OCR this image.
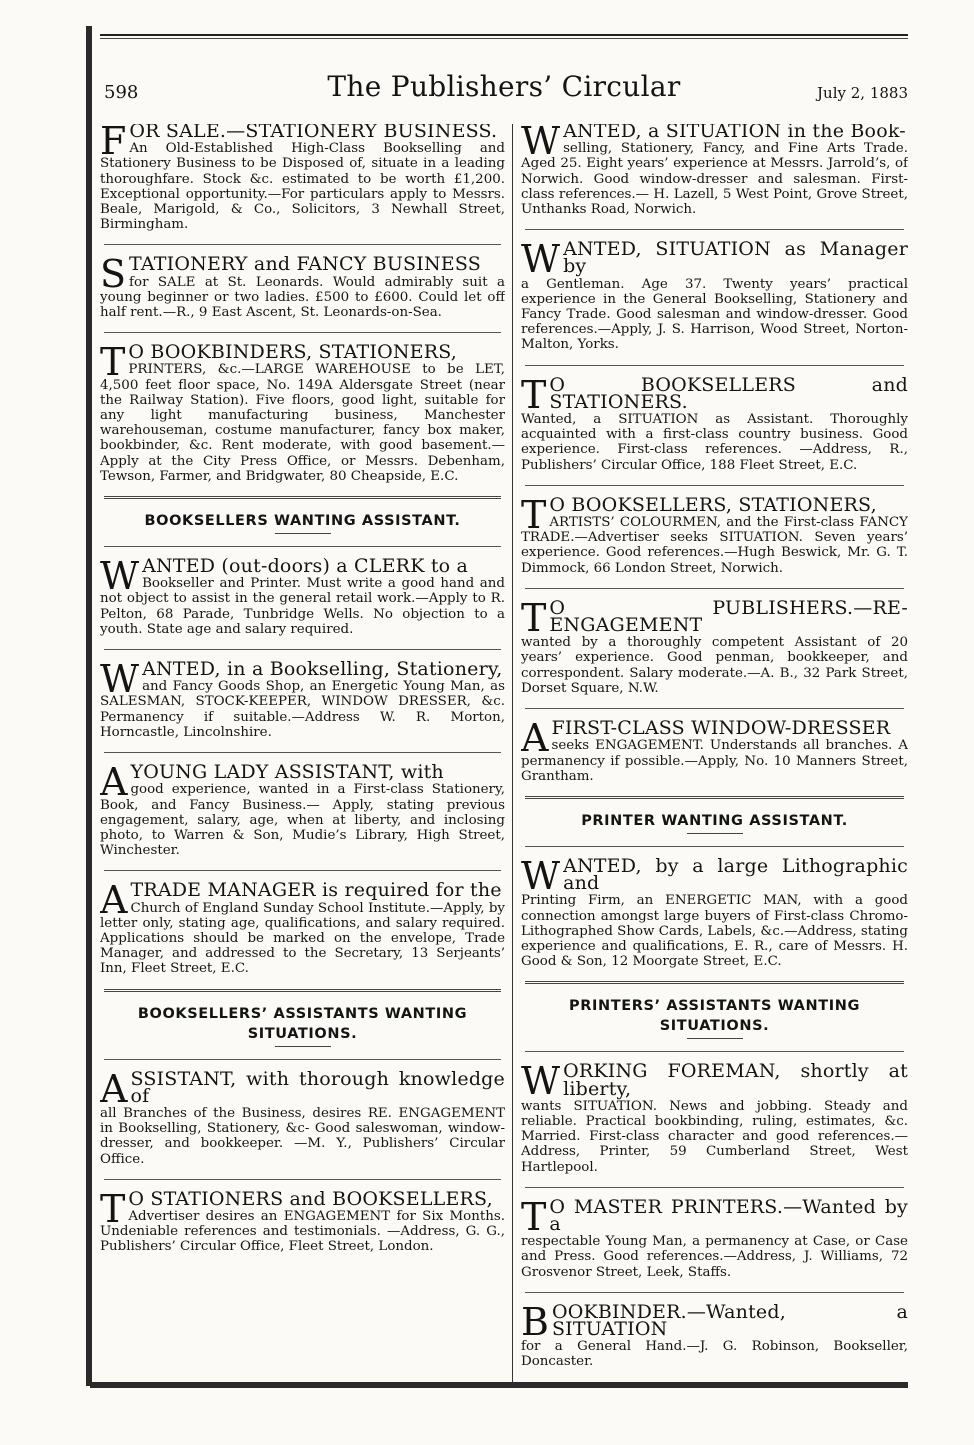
598	The Publishers’ Circular	July 2, 1883

FOR SALE.—STATIONERY BUSINESS.
An Old-Established High-Class Bookselling and Stationery Business to be Disposed of, situate in a leading thoroughfare. Stock &c. estimated to be worth £1,200. Exceptional opportunity.—For particulars apply to Messrs. Beale, Marigold, & Co., Solicitors, 3 Newhall Street, Birmingham.

STATIONERY and FANCY BUSINESS
for SALE at St. Leonards. Would admirably suit a young beginner or two ladies. £500 to £600. Could let off half rent.—R., 9 East Ascent, St. Leonards-on-Sea.

T O BOOKBINDERS, STATIONERS,
PRINTERS, &c.—LARGE WAREHOUSE to be LET, 4,500 feet floor space, No. 149A Aldersgate Street (near the Railway Station). Five floors, good light, suitable for any light manufacturing business, Manchester warehouseman, costume manufacturer, fancy box maker, bookbinder, &c. Rent moderate, with good basement.—Apply at the City Press Office, or Messrs. Debenham, Tewson, Farmer, and Bridgwater, 80 Cheapside, E.C.

BOOKSELLERS WANTING ASSISTANT.

WANTED (out-doors) a CLERK to a
Bookseller and Printer. Must write a good hand and not object to assist in the general retail work.—Apply to R. Pelton, 68 Parade, Tunbridge Wells. No objection to a youth. State age and salary required.

WANTED, in a Bookselling, Stationery,
and Fancy Goods Shop, an Energetic Young Man, as SALESMAN, STOCK-KEEPER, WINDOW DRESSER, &c. Permanency if suitable.—Address W. R. Morton, Horncastle, Lincolnshire.

AYOUNG LADY ASSISTANT, with
good experience, wanted in a First-class Stationery, Book, and Fancy Business.— Apply, stating previous engagement, salary, age, when at liberty, and inclosing photo, to Warren & Son, Mudie’s Library, High Street, Winchester.

ATRADE MANAGER is required for the
Church of England Sunday School Institute.—Apply, by letter only, stating age, qualifications, and salary required. Applications should be marked on the envelope, Trade Manager, and addressed to the Secretary, 13 Serjeants’ Inn, Fleet Street, E.C.

BOOKSELLERS’ ASSISTANTS WANTING SITUATIONS.

ASSISTANT, with thorough knowledge of
all Branches of the Business, desires RE. ENGAGEMENT in Bookselling, Stationery, &c- Good saleswoman, window-dresser, and bookkeeper. —M. Y., Publishers’ Circular Office.

T O STATIONERS and BOOKSELLERS,
Advertiser desires an ENGAGEMENT for Six Months. Undeniable references and testimonials. —Address, G. G., Publishers’ Circular Office, Fleet Street, London.

WANTED, a SITUATION in the Book-
selling, Stationery, Fancy, and Fine Arts Trade. Aged 25. Eight years’ experience at Messrs. Jarrold’s, of Norwich. Good window-dresser and salesman. First-class references.— H. Lazell, 5 West Point, Grove Street, Unthanks Road, Norwich.

WANTED, SITUATION as Manager by
a Gentleman. Age 37. Twenty years’ practical experience in the General Bookselling, Stationery and Fancy Trade. Good salesman and window-dresser. Good references.—Apply, J. S. Harrison, Wood Street, Norton-Malton, Yorks.

T O BOOKSELLERS and STATIONERS.
Wanted, a SITUATION as Assistant. Thoroughly acquainted with a first-class country business. Good experience. First-class references. —Address, R., Publishers’ Circular Office, 188 Fleet Street, E.C.

T O BOOKSELLERS, STATIONERS,
ARTISTS’ COLOURMEN, and the First-class FANCY TRADE.—Advertiser seeks SITUATION. Seven years’ experience. Good references.—Hugh Beswick, Mr. G. T. Dimmock, 66 London Street, Norwich.

T O PUBLISHERS.—RE-ENGAGEMENT
wanted by a thoroughly competent Assistant of 20 years’ experience. Good penman, bookkeeper, and correspondent. Salary moderate.—A. B., 32 Park Street, Dorset Square, N.W.

AFIRST-CLASS WINDOW-DRESSER
seeks ENGAGEMENT. Understands all branches. A permanency if possible.—Apply, No. 10 Manners Street, Grantham.

PRINTER WANTING ASSISTANT.

WANTED, by a large Lithographic and
Printing Firm, an ENERGETIC MAN, with a good connection amongst large buyers of First-class Chromo-Lithographed Show Cards, Labels, &c.—Address, stating experience and qualifications, E. R., care of Messrs. H. Good & Son, 12 Moorgate Street, E.C.

PRINTERS’ ASSISTANTS WANTING SITUATIONS.

WORKING FOREMAN, shortly at liberty,
wants SITUATION. News and jobbing. Steady and reliable. Practical bookbinding, ruling, estimates, &c. Married. First-class character and good references.—Address, Printer, 59 Cumberland Street, West Hartlepool.

T O MASTER PRINTERS.—Wanted by a
respectable Young Man, a permanency at Case, or Case and Press. Good references.—Address, J. Williams, 72 Grosvenor Street, Leek, Staffs.

BOOKBINDER.—Wanted, a SITUATION
for a General Hand.—J. G. Robinson, Bookseller, Doncaster.
